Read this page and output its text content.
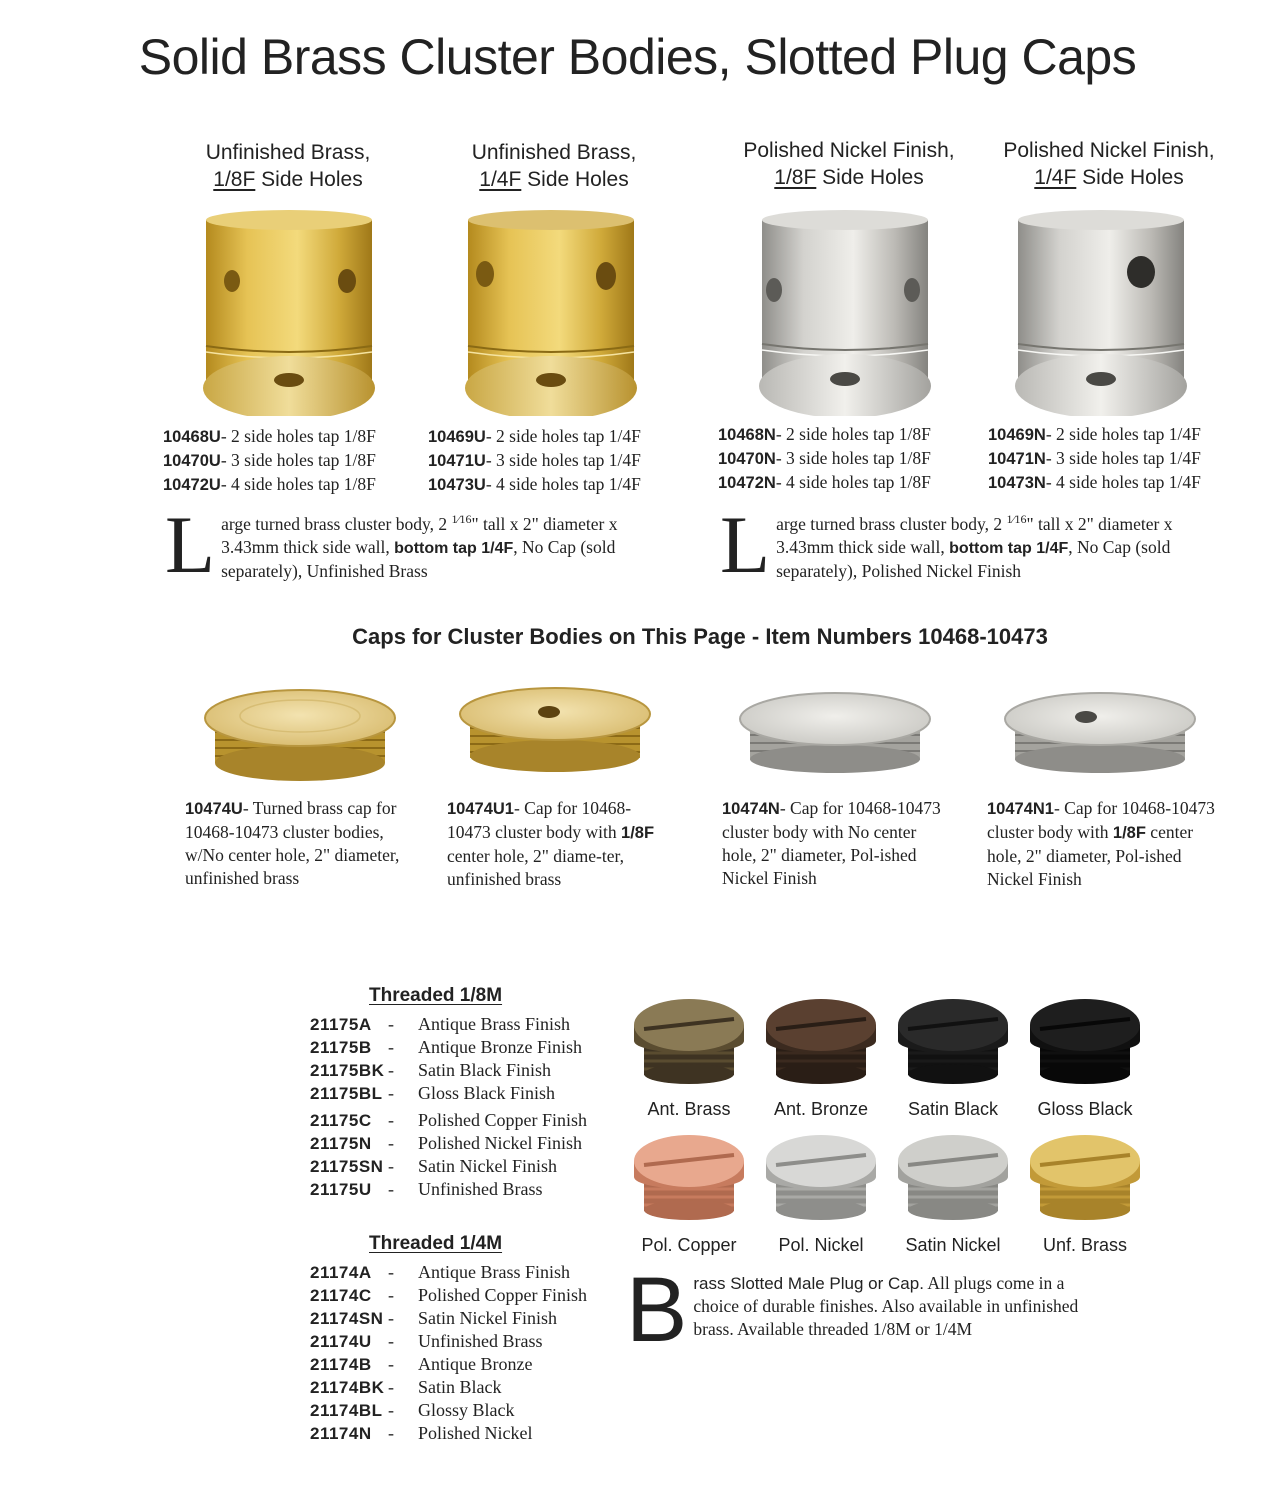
Solid Brass Cluster Bodies, Slotted Plug Caps
Unfinished Brass,
1/8F Side Holes
Unfinished Brass,
1/4F Side Holes
Polished Nickel Finish,
1/8F Side Holes
Polished Nickel Finish,
1/4F Side Holes
10468U- 2 side holes tap 1/8F
10470U- 3 side holes tap 1/8F
10472U- 4 side holes tap 1/8F
10469U- 2 side holes tap 1/4F
10471U- 3 side holes tap 1/4F
10473U- 4 side holes tap 1/4F
10468N- 2 side holes tap 1/8F
10470N- 3 side holes tap 1/8F
10472N- 4 side holes tap 1/8F
10469N- 2 side holes tap 1/4F
10471N- 3 side holes tap 1/4F
10473N- 4 side holes tap 1/4F
Large turned brass cluster body, 2 $^{1⁄16}$" tall x 2" diameter x 3.43mm thick side wall, bottom tap 1/4F, No Cap (sold separately), Unfinished Brass	Large turned brass cluster body, 2 $^{1⁄16}$" tall x 2" diameter x 3.43mm thick side wall, bottom tap 1/4F, No Cap (sold separately), Polished Nickel Finish
Caps for Cluster Bodies on This Page - Item Numbers 10468-10473
10474U- Turned brass cap for 10468-10473 cluster bodies, w/No center hole, 2" diameter, unfinished brass
10474U1- Cap for 10468-10473 cluster body with 1/8F center hole, 2" diame-ter, unfinished brass
10474N- Cap for 10468-10473 cluster body with No center hole, 2" diameter, Pol-ished Nickel Finish
10474N1- Cap for 10468-10473 cluster body with 1/8F center hole, 2" diameter, Pol-ished Nickel Finish
Threaded 1/8M
21175A -	Antique Brass Finish
21175B -	Antique Bronze Finish
21175BK -	Satin Black Finish
21175BL -	Gloss Black Finish
21175C -	Polished Copper Finish
21175N -	Polished Nickel Finish
21175SN -	Satin Nickel Finish
21175U -	Unfinished Brass
Threaded 1/4M
21174A -	Antique Brass Finish
21174C -	Polished Copper Finish
21174SN -	Satin Nickel Finish
21174U -	Unfinished Brass
21174B -	Antique Bronze
21174BK -	Satin Black
21174BL -	Glossy Black
21174N -	Polished Nickel
Ant. Brass	Ant. Bronze	Satin Black	Gloss Black
Pol. Copper	Pol. Nickel	Satin Nickel	Unf. Brass
Brass Slotted Male Plug or Cap. All plugs come in a choice of durable finishes. Also available in unfinished brass. Available threaded 1/8M or 1/4M
